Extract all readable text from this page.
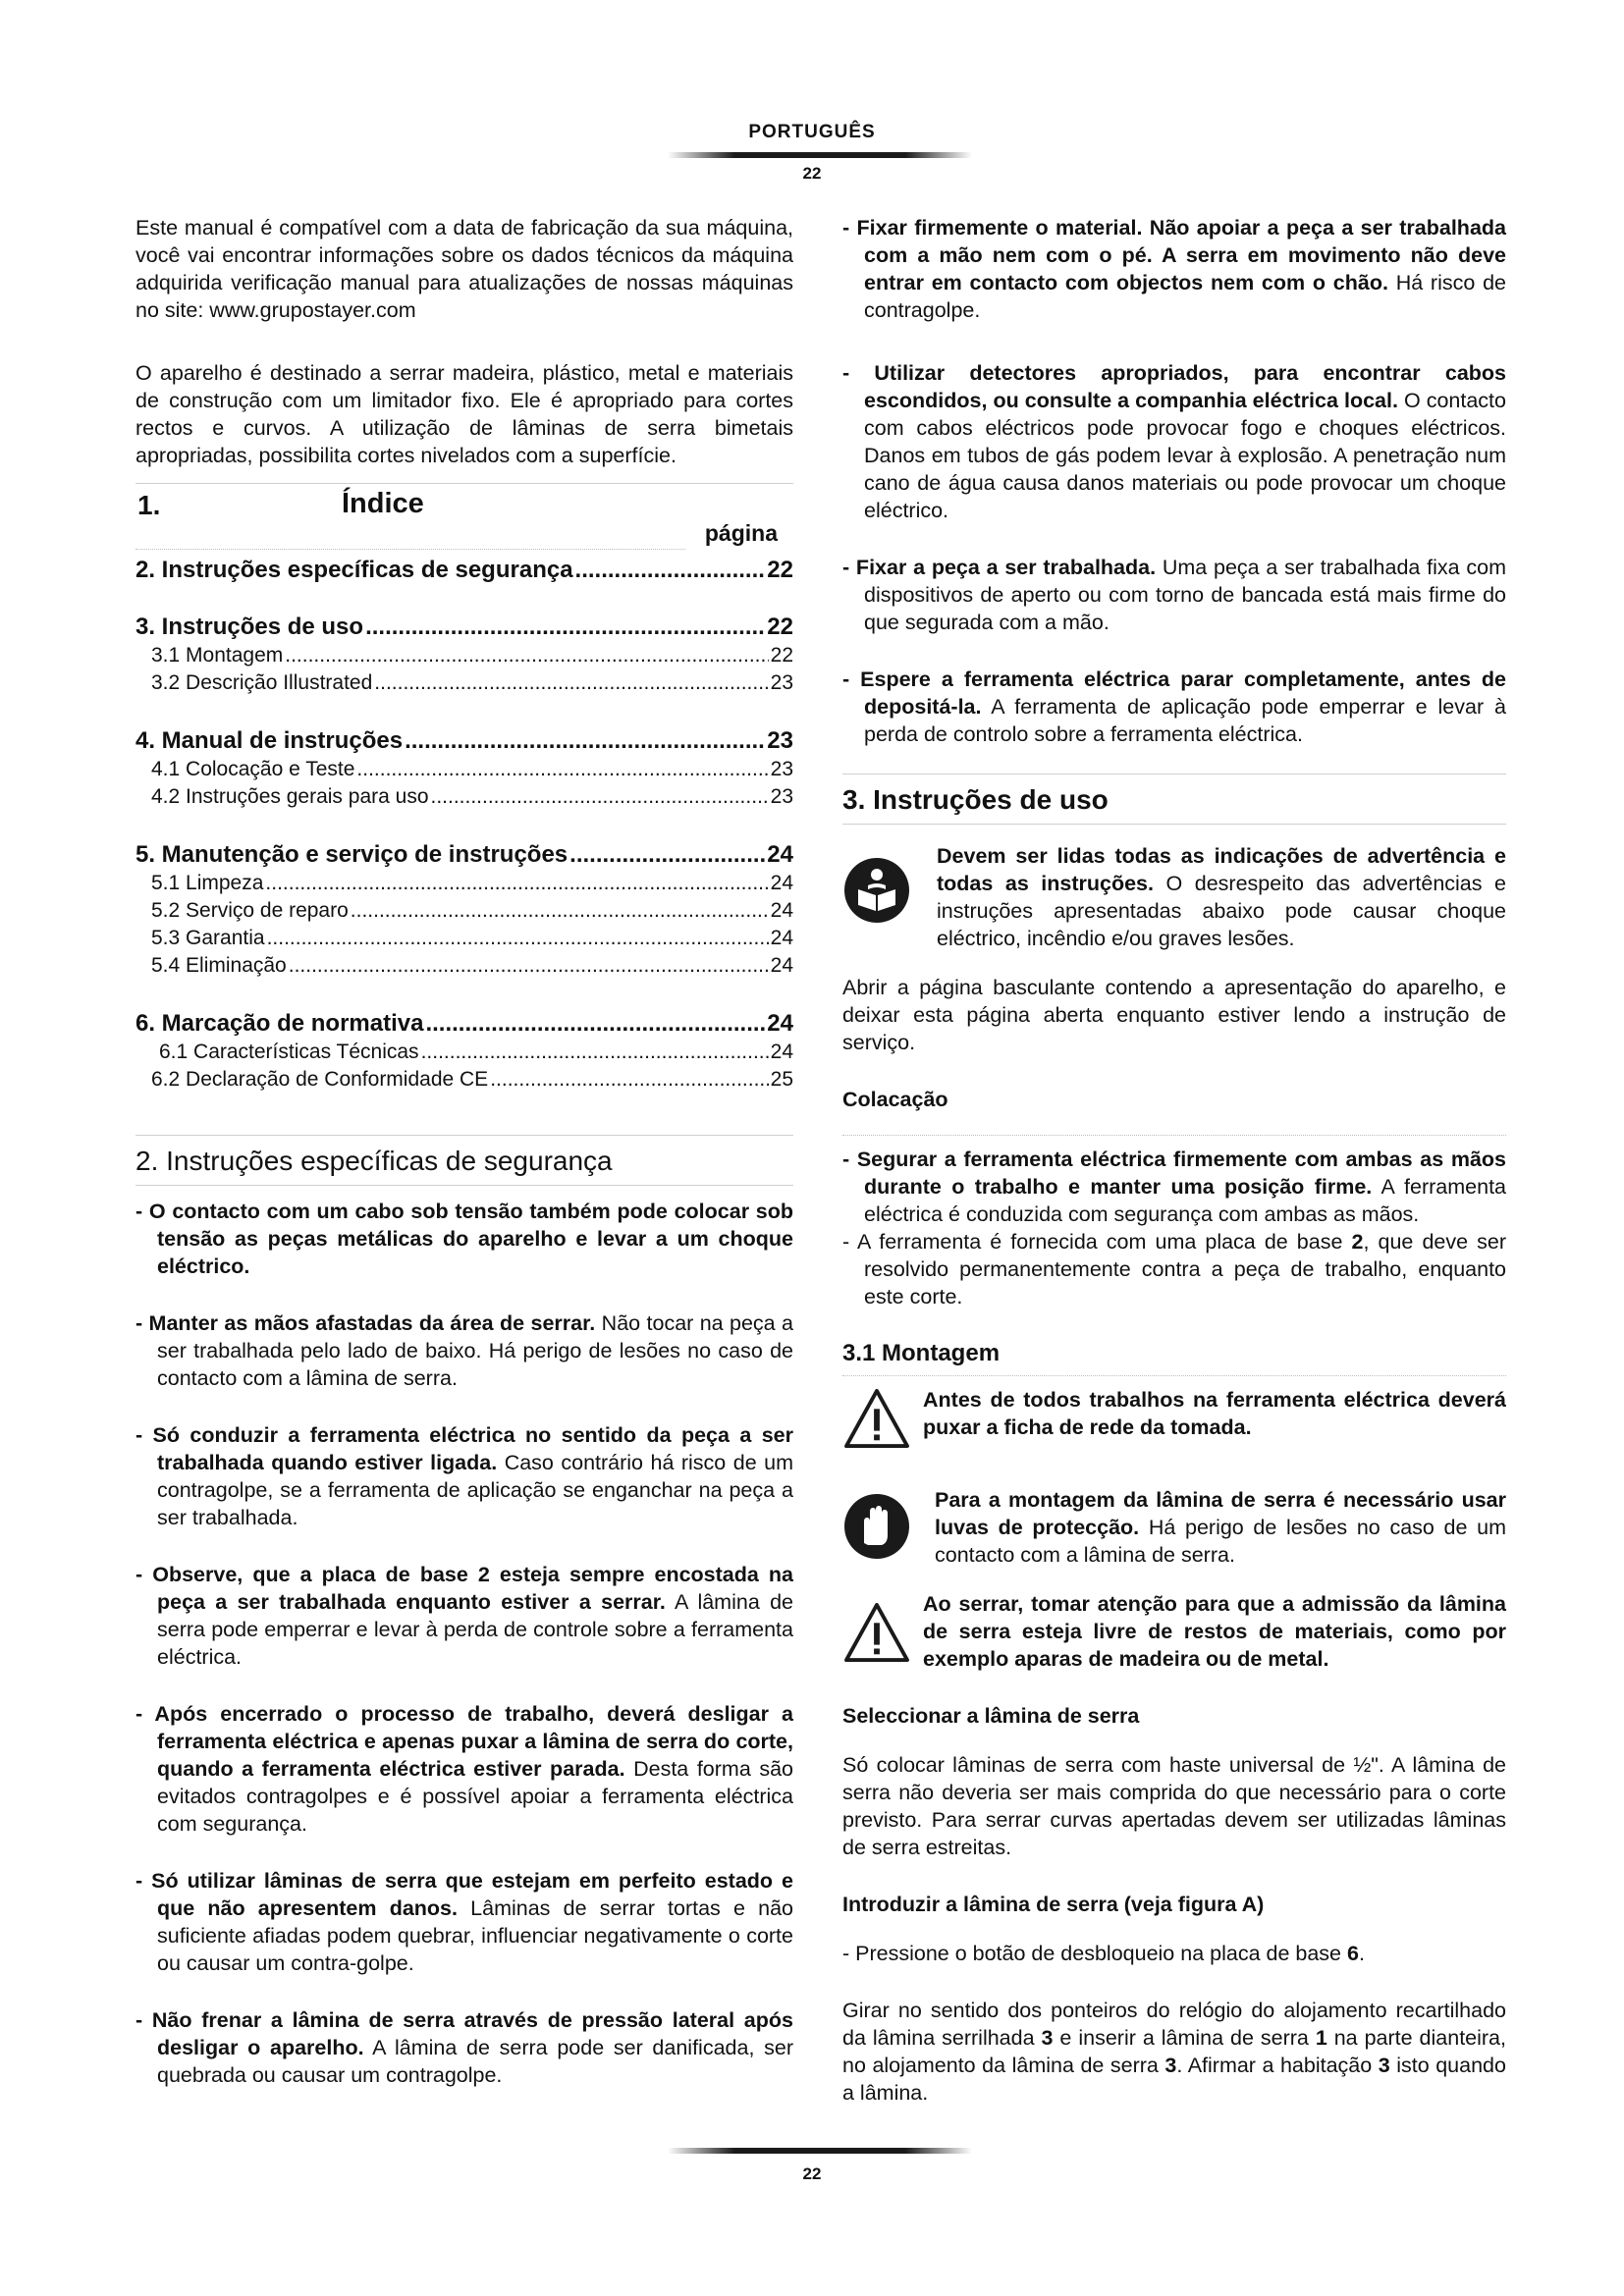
PORTUGUÊS
22

Este manual é compatível com a data de fabricação da sua máquina, você vai encontrar informações sobre os dados técnicos da máquina adquirida verificação manual para atualizações de nossas máquinas no site: www.grupostayer.com

O aparelho é destinado a serrar madeira, plástico, metal e materiais de construção com um limitador fixo. Ele é apropriado para cortes rectos e curvos. A utilização de lâminas de serra bimetais apropriadas, possibilita cortes nivelados com a superfície.

1.	Índice
página
2. Instruções específicas de segurança .....	22
3. Instruções de uso .....	22
3.1 Montagem .....	22
3.2 Descrição Illustrated .....	23
4. Manual de instruções .....	23
4.1 Colocação e Teste .....	23
4.2 Instruções gerais para uso .....	23
5. Manutenção e serviço de instruções .....	24
5.1 Limpeza .....	24
5.2 Serviço de reparo .....	24
5.3 Garantia .....	24
5.4 Eliminação .....	24
6. Marcação de normativa .....	24
6.1 Características Técnicas .....	24
6.2 Declaração de Conformidade CE .....	25
2. Instruções específicas de segurança

- O contacto com um cabo sob tensão também pode colocar sob tensão as peças metálicas do aparelho e levar a um choque eléctrico.

- Manter as mãos afastadas da área de serrar. Não tocar na peça a ser trabalhada pelo lado de baixo. Há perigo de lesões no caso de contacto com a lâmina de serra.

- Só conduzir a ferramenta eléctrica no sentido da peça a ser trabalhada quando estiver ligada. Caso contrário há risco de um contragolpe, se a ferramenta de aplicação se enganchar na peça a ser trabalhada.

- Observe, que a placa de base 2 esteja sempre encostada na peça a ser trabalhada enquanto estiver a serrar. A lâmina de serra pode emperrar e levar à perda de controle sobre a ferramenta eléctrica.

- Após encerrado o processo de trabalho, deverá desligar a ferramenta eléctrica e apenas puxar a lâmina de serra do corte, quando a ferramenta eléctrica estiver parada. Desta forma são evitados contragolpes e é possível apoiar a ferramenta eléctrica com segurança.

- Só utilizar lâminas de serra que estejam em perfeito estado e que não apresentem danos. Lâminas de serrar tortas e não suficiente afiadas podem quebrar, influenciar negativamente o corte ou causar um contra-golpe.

- Não frenar a lâmina de serra através de pressão lateral após desligar o aparelho. A lâmina de serra pode ser danificada, ser quebrada ou causar um contragolpe.

- Fixar firmemente o material. Não apoiar a peça a ser trabalhada com a mão nem com o pé. A serra em movimento não deve entrar em contacto com objectos nem com o chão. Há risco de contragolpe.

- Utilizar detectores apropriados, para encontrar cabos escondidos, ou consulte a companhia eléctrica local. O contacto com cabos eléctricos pode provocar fogo e choques eléctricos. Danos em tubos de gás podem levar à explosão. A penetração num cano de água causa danos materiais ou pode provocar um choque eléctrico.

- Fixar a peça a ser trabalhada. Uma peça a ser trabalhada fixa com dispositivos de aperto ou com torno de bancada está mais firme do que segurada com a mão.

- Espere a ferramenta eléctrica parar completamente, antes de depositá-la. A ferramenta de aplicação pode emperrar e levar à perda de controlo sobre a ferramenta eléctrica.

3. Instruções de uso

Devem ser lidas todas as indicações de advertência e todas as instruções. O desrespeito das advertências e instruções apresentadas abaixo pode causar choque eléctrico, incêndio e/ou graves lesões.

Abrir a página basculante contendo a apresentação do aparelho, e deixar esta página aberta enquanto estiver lendo a instrução de serviço.

Colacação

- Segurar a ferramenta eléctrica firmemente com ambas as mãos durante o trabalho e manter uma posição firme. A ferramenta eléctrica é conduzida com segurança com ambas as mãos.

- A ferramenta é fornecida com uma placa de base 2, que deve ser resolvido permanentemente contra a peça de trabalho, enquanto este corte.

3.1 Montagem

Antes de todos trabalhos na ferramenta eléctrica deverá puxar a ficha de rede da tomada.

Para a montagem da lâmina de serra é necessário usar luvas de protecção. Há perigo de lesões no caso de um contacto com a lâmina de serra.

Ao serrar, tomar atenção para que a admissão da lâmina de serra esteja livre de restos de materiais, como por exemplo aparas de madeira ou de metal.

Seleccionar a lâmina de serra

Só colocar lâminas de serra com haste universal de ½". A lâmina de serra não deveria ser mais comprida do que necessário para o corte previsto. Para serrar curvas apertadas devem ser utilizadas lâminas de serra estreitas.

Introduzir a lâmina de serra (veja figura A)

- Pressione o botão de desbloqueio na placa de base 6.

Girar no sentido dos ponteiros do relógio do alojamento recartilhado da lâmina serrilhada 3 e inserir a lâmina de serra 1 na parte dianteira, no alojamento da lâmina de serra 3. Afirmar a habitação 3 isto quando a lâmina.

22
